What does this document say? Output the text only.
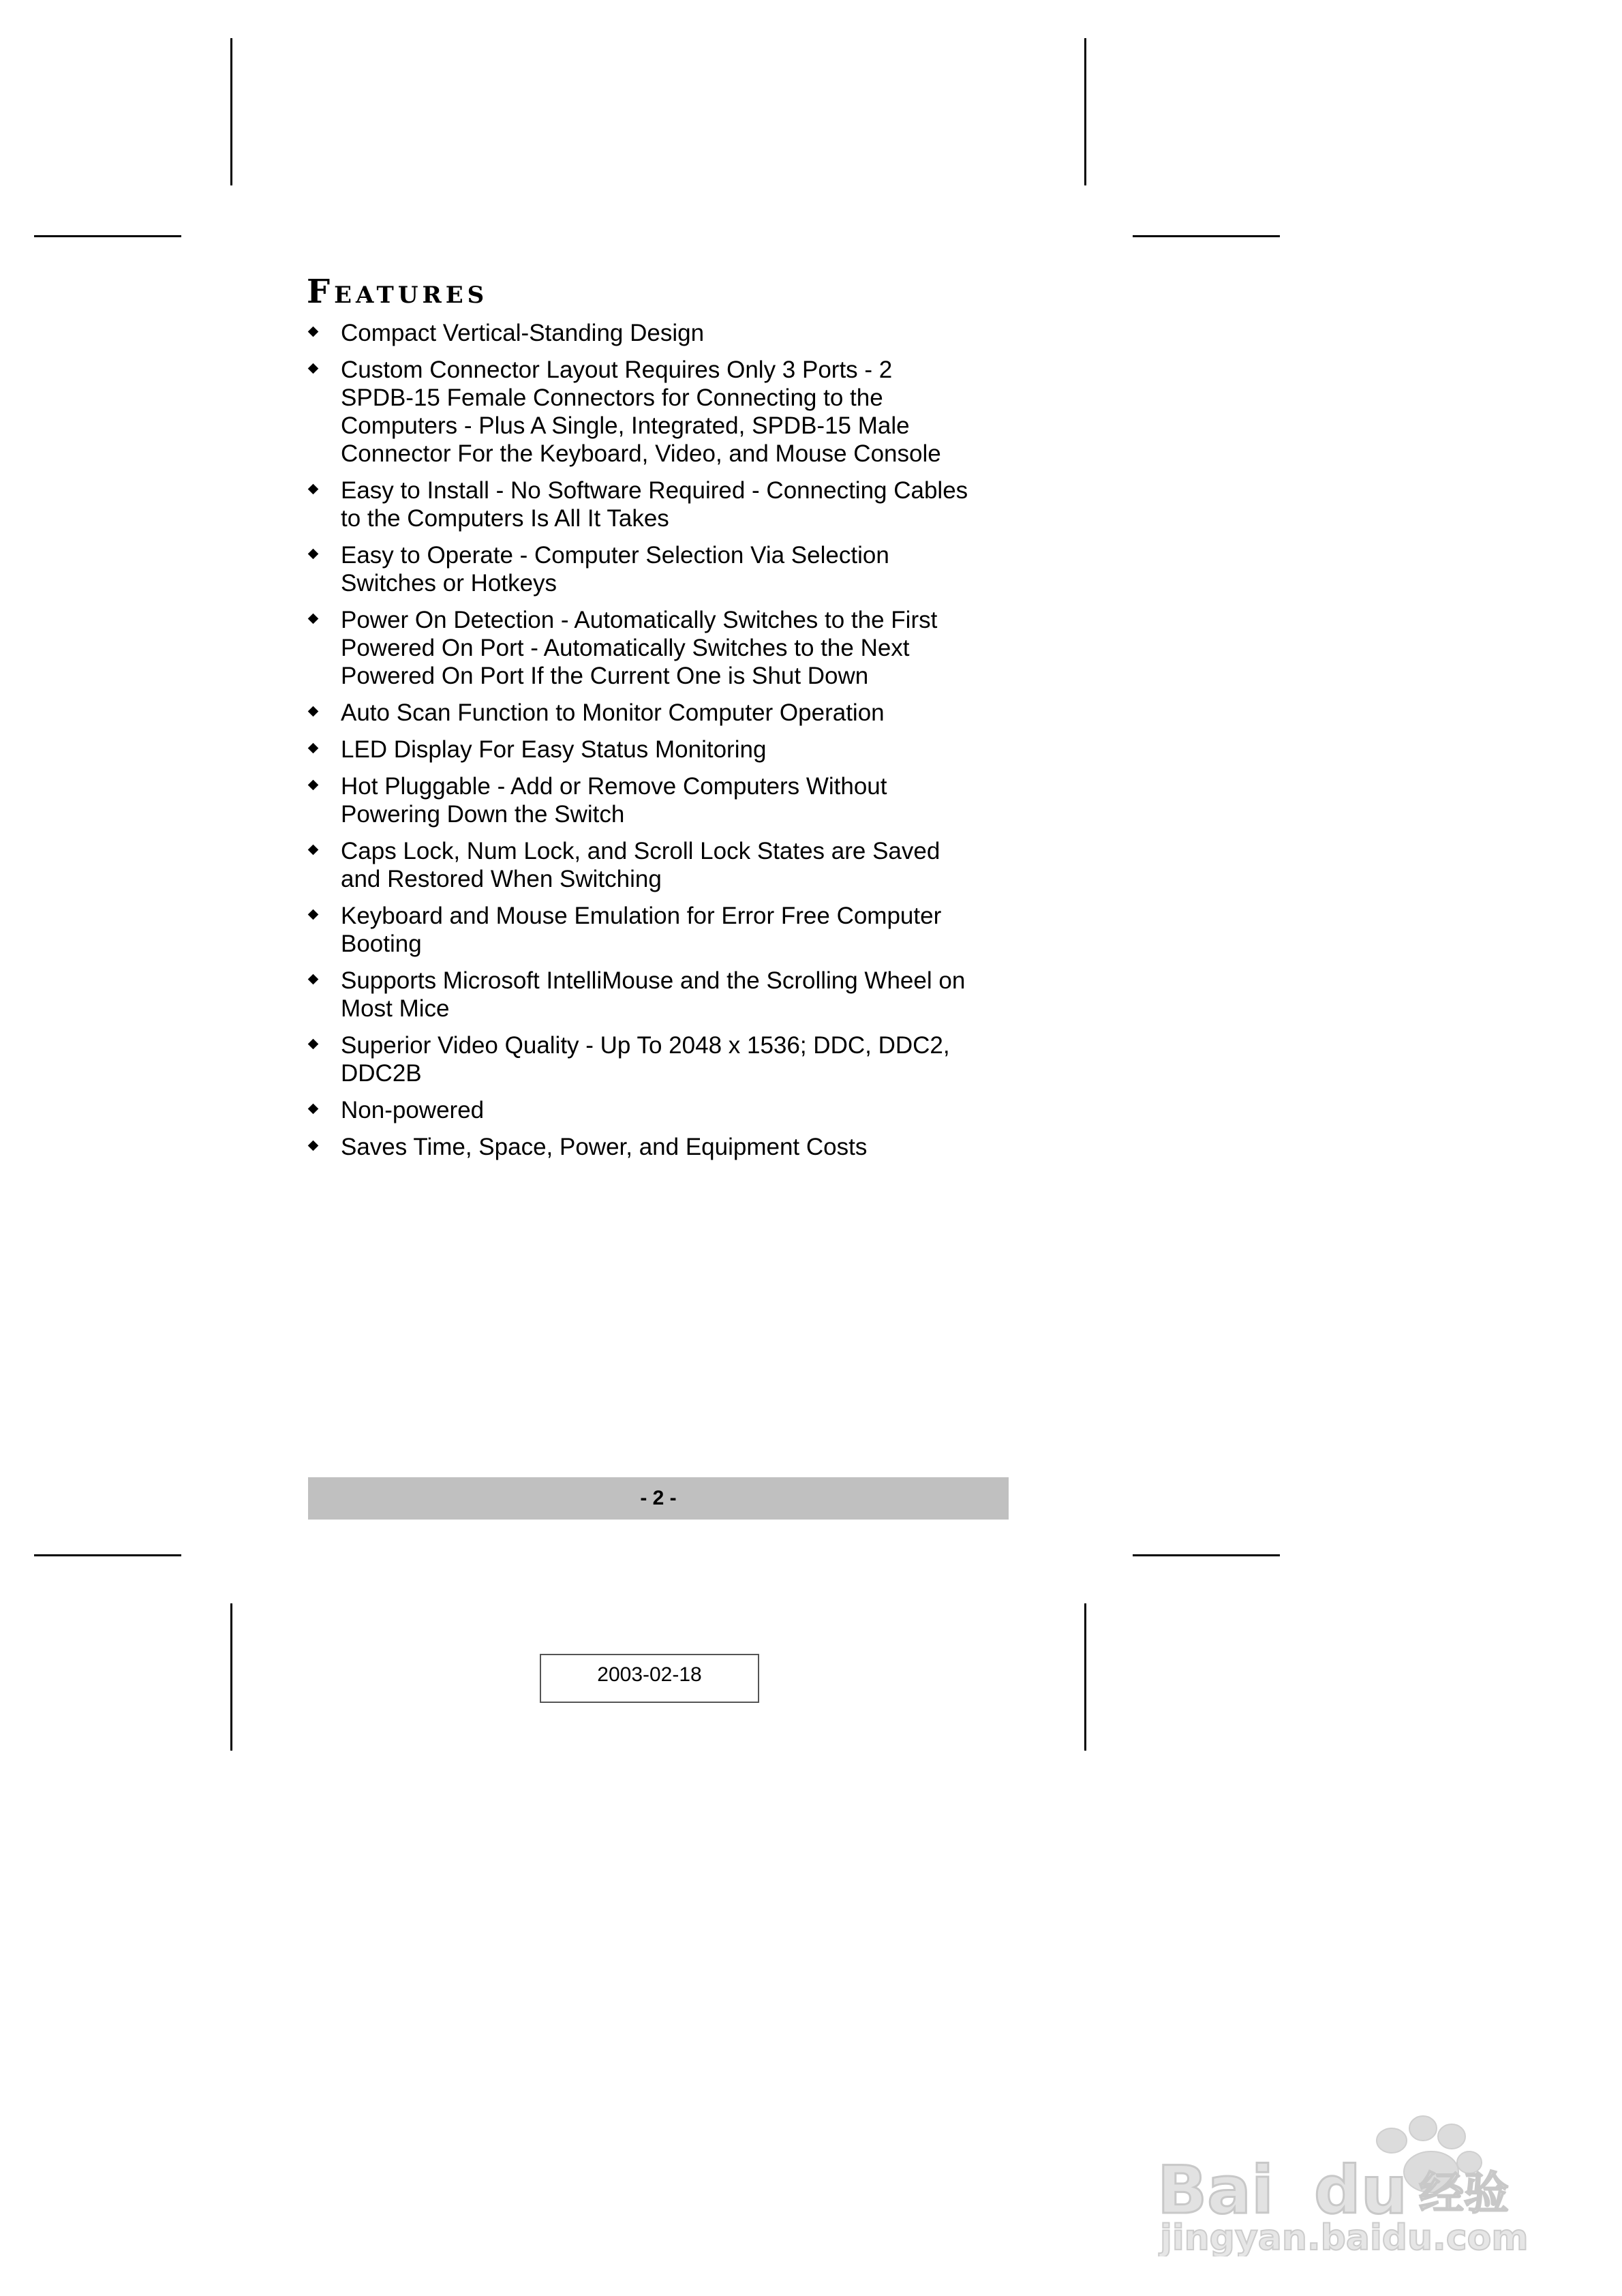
Features
Compact Vertical-Standing Design
Custom Connector Layout Requires Only 3 Ports - 2
SPDB-15 Female Connectors for Connecting to the
Computers - Plus A Single, Integrated, SPDB-15 Male
Connector For the Keyboard, Video, and Mouse Console
Easy to Install - No Software Required - Connecting Cables
to the Computers Is All It Takes
Easy to Operate - Computer Selection Via Selection
Switches or Hotkeys
Power On Detection - Automatically Switches to the First
Powered On Port - Automatically Switches to the Next
Powered On Port If the Current One is Shut Down
Auto Scan Function to Monitor Computer Operation
LED Display For Easy Status Monitoring
Hot Pluggable - Add or Remove Computers Without
Powering Down the Switch
Caps Lock, Num Lock, and Scroll Lock States are Saved
and Restored When Switching
Keyboard and Mouse Emulation for Error Free Computer
Booting
Supports Microsoft IntelliMouse and the Scrolling Wheel on
Most Mice
Superior Video Quality - Up To 2048 x 1536; DDC, DDC2,
DDC2B
Non-powered
Saves Time, Space, Power, and Equipment Costs
- 2 -
2003-02-18
Bai du 经验
jingyan.baidu.com
